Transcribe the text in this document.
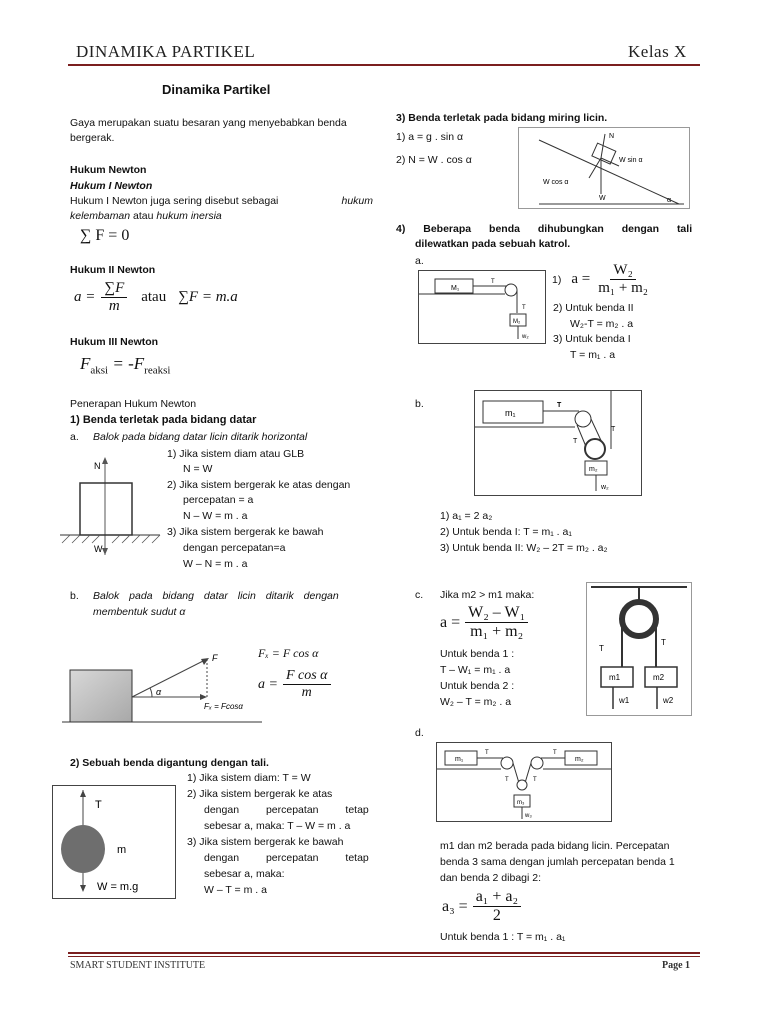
DINAMIKA PARTIKEL	Kelas X
Dinamika Partikel
Gaya merupakan suatu besaran yang menyebabkan benda
bergerak.
Hukum Newton
Hukum I Newton
Hukum I Newton juga sering disebut sebagai	hukum
kelembaman atau hukum inersia
∑ F = 0
Hukum II Newton
$a = \frac{\sum F}{m}$ atau ∑F = m.a
Hukum III Newton
$F_{aksi} = -F_{reaksi}$
Penerapan Hukum Newton
1) Benda terletak pada bidang datar
a. Balok pada bidang datar licin ditarik horizontal
N
W
1) Jika sistem diam atau GLB
N = W
2) Jika sistem bergerak ke atas dengan
percepatan = a
N – W = m . a
3) Jika sistem bergerak ke bawah
dengan percepatan=a
W – N = m . a
b. Balok pada bidang datar licin ditarik dengan
membentuk sudut α
Fₓ = F cos α
F
α
Fₓ = Fcosα
$a = \frac{\text{F cos α}}{m}$
2) Sebuah benda digantung dengan tali.
T
m
W = m.g
1) Jika sistem diam: T = W
2) Jika sistem bergerak ke atas
dengan percepatan tetap
sebesar a, maka: T – W = m . a
3) Jika sistem bergerak ke bawah
dengan percepatan tetap
sebesar a, maka:
W – T = m . a
3) Benda terletak pada bidang miring licin.
1) a = g . sin α
2) N = W . cos α
N
W sin α
W cos α
W	α
4) Beberapa benda dihubungkan dengan tali
dilewatkan pada sebuah katrol.
a.
M₁
T
T
M₂
w₂
1) $a = \frac{\text{W₂}}{\text{m₁ + m₂}}$
2) Untuk benda II
W₂-T = m₂ . a
3) Untuk benda I
T = m₁ . a
b.
m₁
T
T
T
m₂
w₂
1) a₁ = 2 a₂
2) Untuk benda I: T = m₁ . a₁
3) Untuk benda II: W₂ – 2T = m₂ . a₂
c. Jika m2 > m1 maka:
$a = \frac{\text{W₂ – W₁}}{\text{m₁ + m₂}}$
Untuk benda 1 :
T – W₁ = m₁ . a
Untuk benda 2 :
W₂ – T = m₂ . a
T
T
m1	m2
w1	w2
d.
m₁	m₂
T	T
T	T
m₃
w₃
m1 dan m2 berada pada bidang licin. Percepatan
benda 3 sama dengan jumlah percepatan benda 1
dan benda 2 dibagi 2:
$a_3 = \frac{\text{a₁ + a₂}}{2}$
Untuk benda 1 : T = m₁ . a₁
SMART STUDENT INSTITUTE	Page 1
